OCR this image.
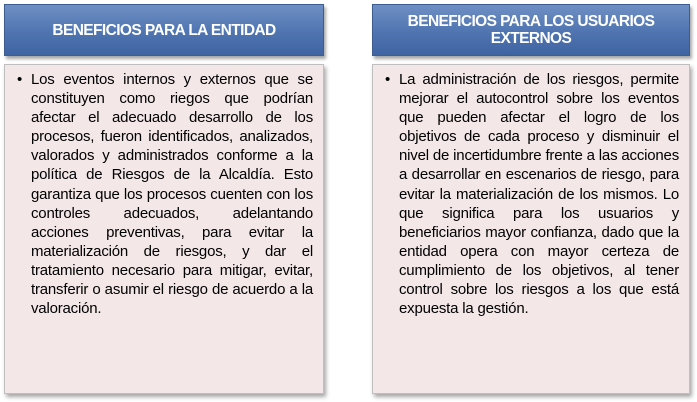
BENEFICIOS PARA LA ENTIDAD
• Los eventos internos y externos que se constituyen como riegos que podrían afectar el adecuado desarrollo de los procesos, fueron identificados, analizados, valorados y administrados conforme a la política de Riesgos de la Alcaldía. Esto garantiza que los procesos cuenten con los controles adecuados, adelantando acciones preventivas, para evitar la materialización de riesgos, y dar el tratamiento necesario para mitigar, evitar, transferir o asumir el riesgo de acuerdo a la valoración.
BENEFICIOS PARA LOS USUARIOS EXTERNOS
• La administración de los riesgos, permite mejorar el autocontrol sobre los eventos que pueden afectar el logro de los objetivos de cada proceso y disminuir el nivel de incertidumbre frente a las acciones a desarrollar en escenarios de riesgo, para evitar la materialización de los mismos. Lo que significa para los usuarios y beneficiarios mayor confianza, dado que la entidad opera con mayor certeza de cumplimiento de los objetivos, al tener control sobre los riesgos a los que está expuesta la gestión.
